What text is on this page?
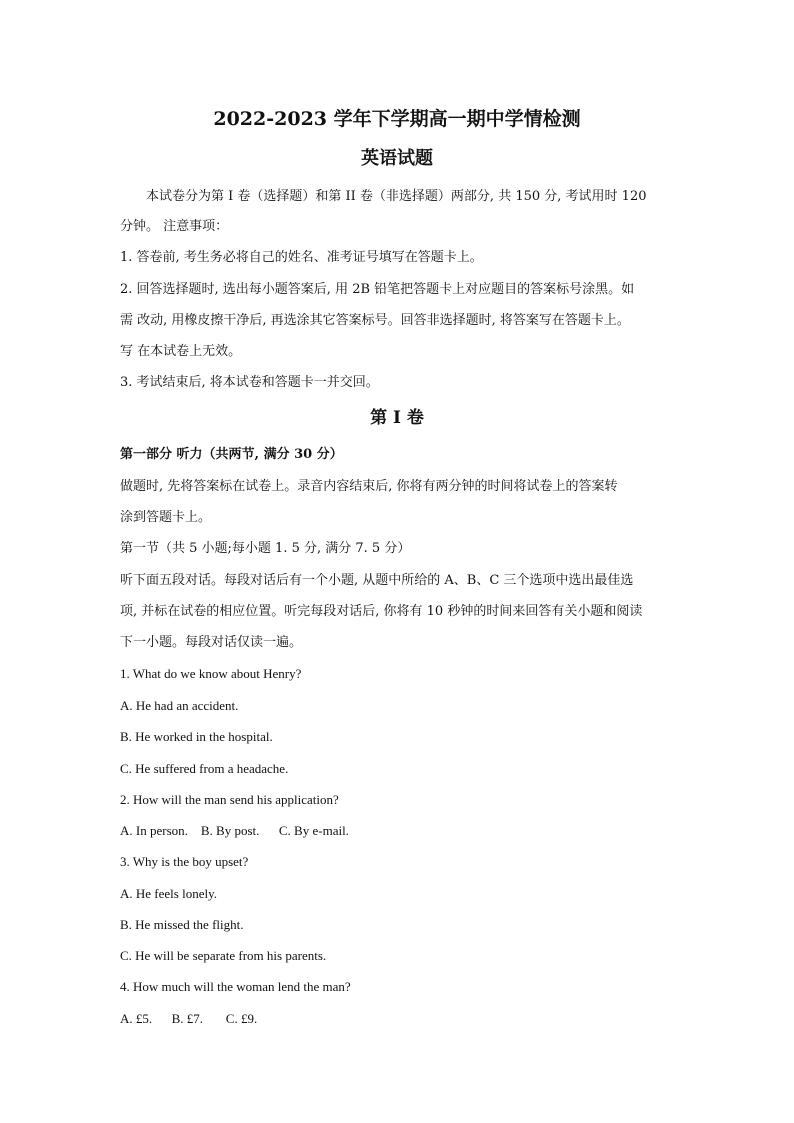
2022-2023 学年下学期高一期中学情检测
英语试题
本试卷分为第 I 卷（选择题）和第 II 卷（非选择题）两部分, 共 150 分, 考试用时 120
分钟。 注意事项：
1. 答卷前, 考生务必将自己的姓名、准考证号填写在答题卡上。
2. 回答选择题时, 选出每小题答案后, 用 2B 铅笔把答题卡上对应题目的答案标号涂黑。如
需 改动, 用橡皮擦干净后, 再选涂其它答案标号。回答非选择题时, 将答案写在答题卡上。
写 在本试卷上无效。
3. 考试结束后, 将本试卷和答题卡一并交回。
第 I 卷
第一部分 听力（共两节, 满分 30 分）
做题时, 先将答案标在试卷上。录音内容结束后, 你将有两分钟的时间将试卷上的答案转
涂到答题卡上。
第一节（共 5 小题;每小题 1. 5 分, 满分 7. 5 分）
听下面五段对话。每段对话后有一个小题, 从题中所给的 A、B、C 三个选项中选出最佳选
项, 并标在试卷的相应位置。听完每段对话后, 你将有 10 秒钟的时间来回答有关小题和阅读
下一小题。每段对话仅读一遍。
1. What do we know about Henry?
A. He had an accident.
B. He worked in the hospital.
C. He suffered from a headache.
2. How will the man send his application?
A. In person.    B. By post.      C. By e-mail.
3. Why is the boy upset?
A. He feels lonely.
B. He missed the flight.
C. He will be separate from his parents.
4. How much will the woman lend the man?
A. £5.      B. £7.       C. £9.
